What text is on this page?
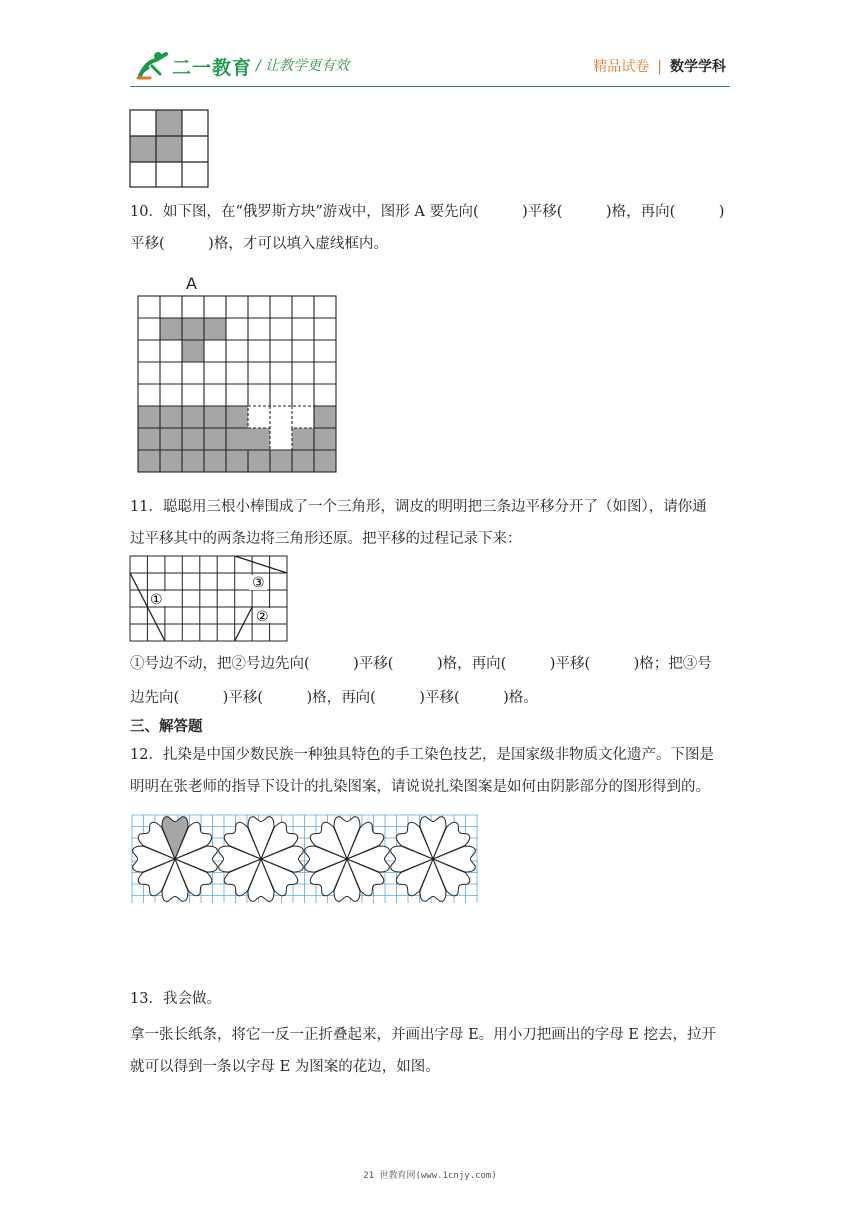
二一教育 / 让教学更有效	精品试卷 | 数学学科
10．如下图，在“俄罗斯方块”游戏中，图形 A 要先向(　　　)平移(　　　)格，再向(　　　)
平移(　　　)格，才可以填入虚线框内。
A
11．聪聪用三根小棒围成了一个三角形，调皮的明明把三条边平移分开了（如图），请你通
过平移其中的两条边将三角形还原。把平移的过程记录下来：
③
①
②
①号边不动，把②号边先向(　　　)平移(　　　)格，再向(　　　)平移(　　　)格；把③号
边先向(　　　)平移(　　　)格，再向(　　　)平移(　　　)格。
三、解答题
12．扎染是中国少数民族一种独具特色的手工染色技艺，是国家级非物质文化遗产。下图是
明明在张老师的指导下设计的扎染图案，请说说扎染图案是如何由阴影部分的图形得到的。
13．我会做。
拿一张长纸条，将它一反一正折叠起来，并画出字母 E。用小刀把画出的字母 E 挖去，拉开
就可以得到一条以字母 E 为图案的花边，如图。
21 世教育网(www.1cnjy.com)
